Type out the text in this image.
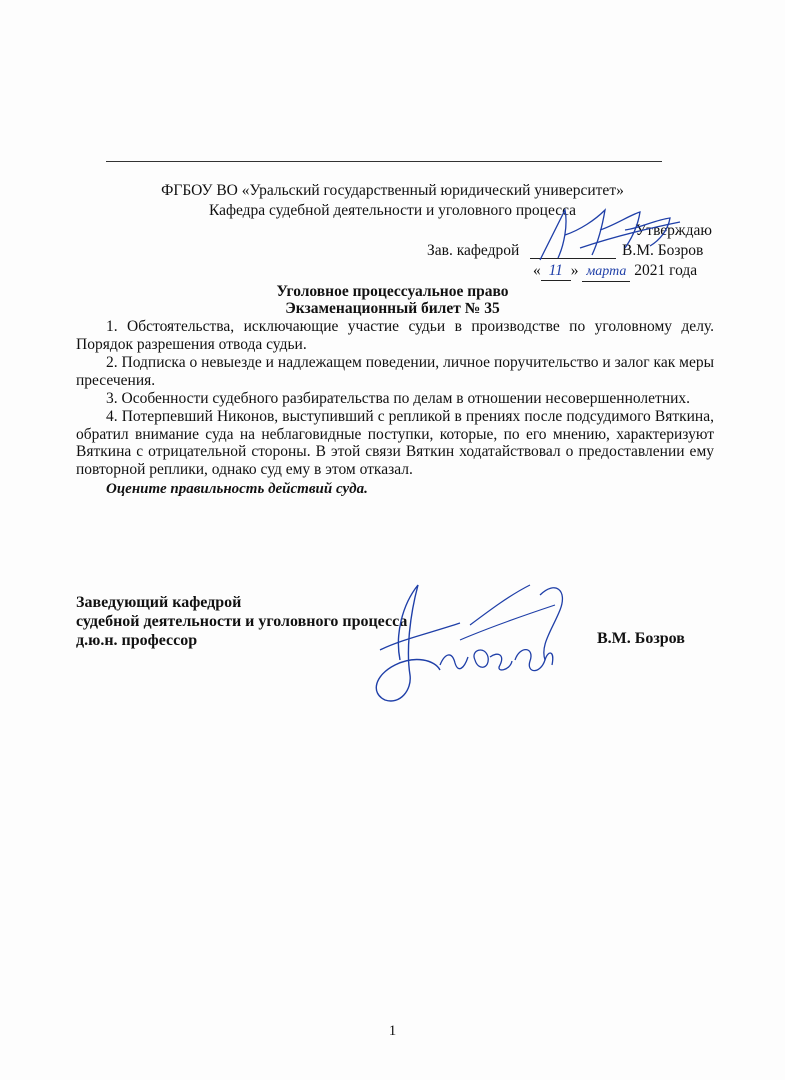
ФГБОУ ВО «Уральский государственный юридический университет»
Кафедра судебной деятельности и уголовного процесса
Утверждаю
Зав. кафедрой	В.М. Бозров
« 11 » марта 2021 года
Уголовное процессуальное право
Экзаменационный билет № 35

1. Обстоятельства, исключающие участие судьи в производстве по уголовному делу. Порядок разрешения отвода судьи.

2. Подписка о невыезде и надлежащем поведении, личное поручительство и залог как меры пресечения.

3. Особенности судебного разбирательства по делам в отношении несовершеннолетних.

4. Потерпевший Никонов, выступивший с репликой в прениях после подсудимого Вяткина, обратил внимание суда на неблаговидные поступки, которые, по его мнению, характеризуют Вяткина с отрицательной стороны. В этой связи Вяткин ходатайствовал о предоставлении ему повторной реплики, однако суд ему в этом отказал.

Оцените правильность действий суда.
Заведующий кафедрой
судебной деятельности и уголовного процесса
д.ю.н. профессор	В.М. Бозров
1
